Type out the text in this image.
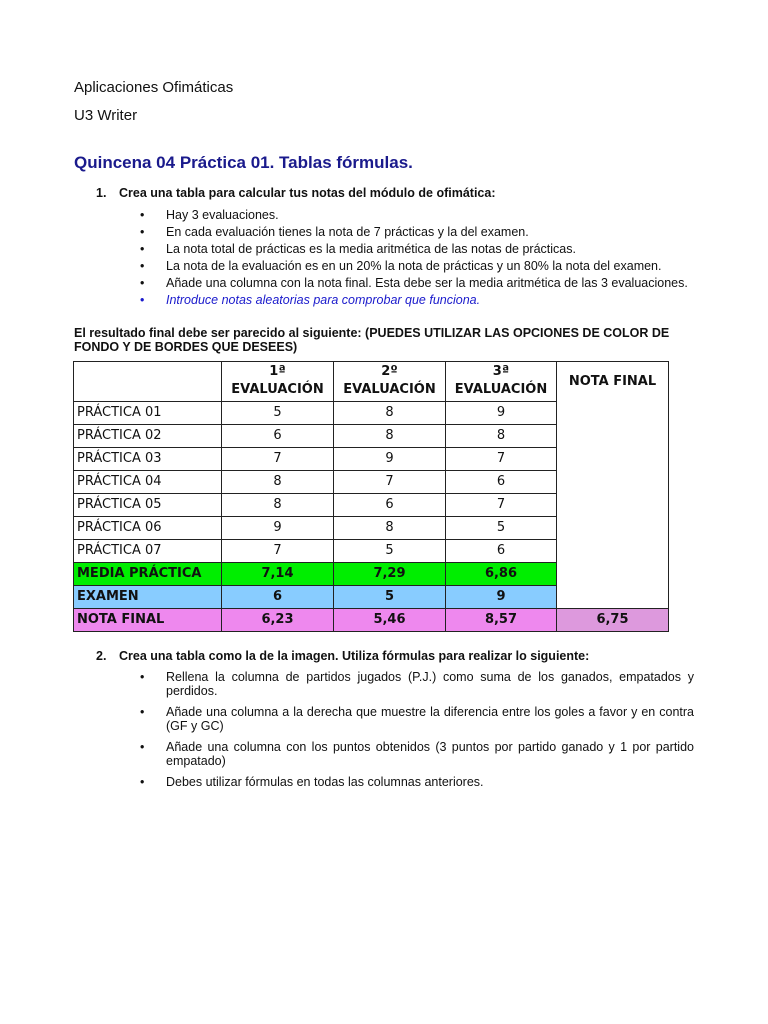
Aplicaciones Ofimáticas
U3 Writer
Quincena 04 Práctica 01. Tablas fórmulas.
1. Crea una tabla para calcular tus notas del módulo de ofimática:
• Hay 3 evaluaciones.
• En cada evaluación tienes la nota de 7 prácticas y la del examen.
• La nota total de prácticas es la media aritmética de las notas de prácticas.
• La nota de la evaluación es en un 20% la nota de prácticas y un 80% la nota del examen.
• Añade una columna con la nota final. Esta debe ser la media aritmética de las 3 evaluaciones.
• Introduce notas aleatorias para comprobar que funciona.
El resultado final debe ser parecido al siguiente: (PUEDES UTILIZAR LAS OPCIONES DE COLOR DE FONDO Y DE BORDES QUE DESEES)
	1ª
EVALUACIÓN	2º
EVALUACIÓN	3ª
EVALUACIÓN	NOTA FINAL
PRÁCTICA 01	5	8	9	
PRÁCTICA 02	6	8	8	
PRÁCTICA 03	7	9	7	
PRÁCTICA 04	8	7	6	
PRÁCTICA 05	8	6	7	
PRÁCTICA 06	9	8	5	
PRÁCTICA 07	7	5	6	
MEDIA PRÁCTICA	7,14	7,29	6,86	
EXAMEN	6	5	9	
NOTA FINAL	6,23	5,46	8,57	6,75
2. Crea una tabla como la de la imagen. Utiliza fórmulas para realizar lo siguiente:
• Rellena la columna de partidos jugados (P.J.) como suma de los ganados, empatados y perdidos.
• Añade una columna a la derecha que muestre la diferencia entre los goles a favor y en contra (GF y GC)
• Añade una columna con los puntos obtenidos (3 puntos por partido ganado y 1 por partido empatado)
• Debes utilizar fórmulas en todas las columnas anteriores.
